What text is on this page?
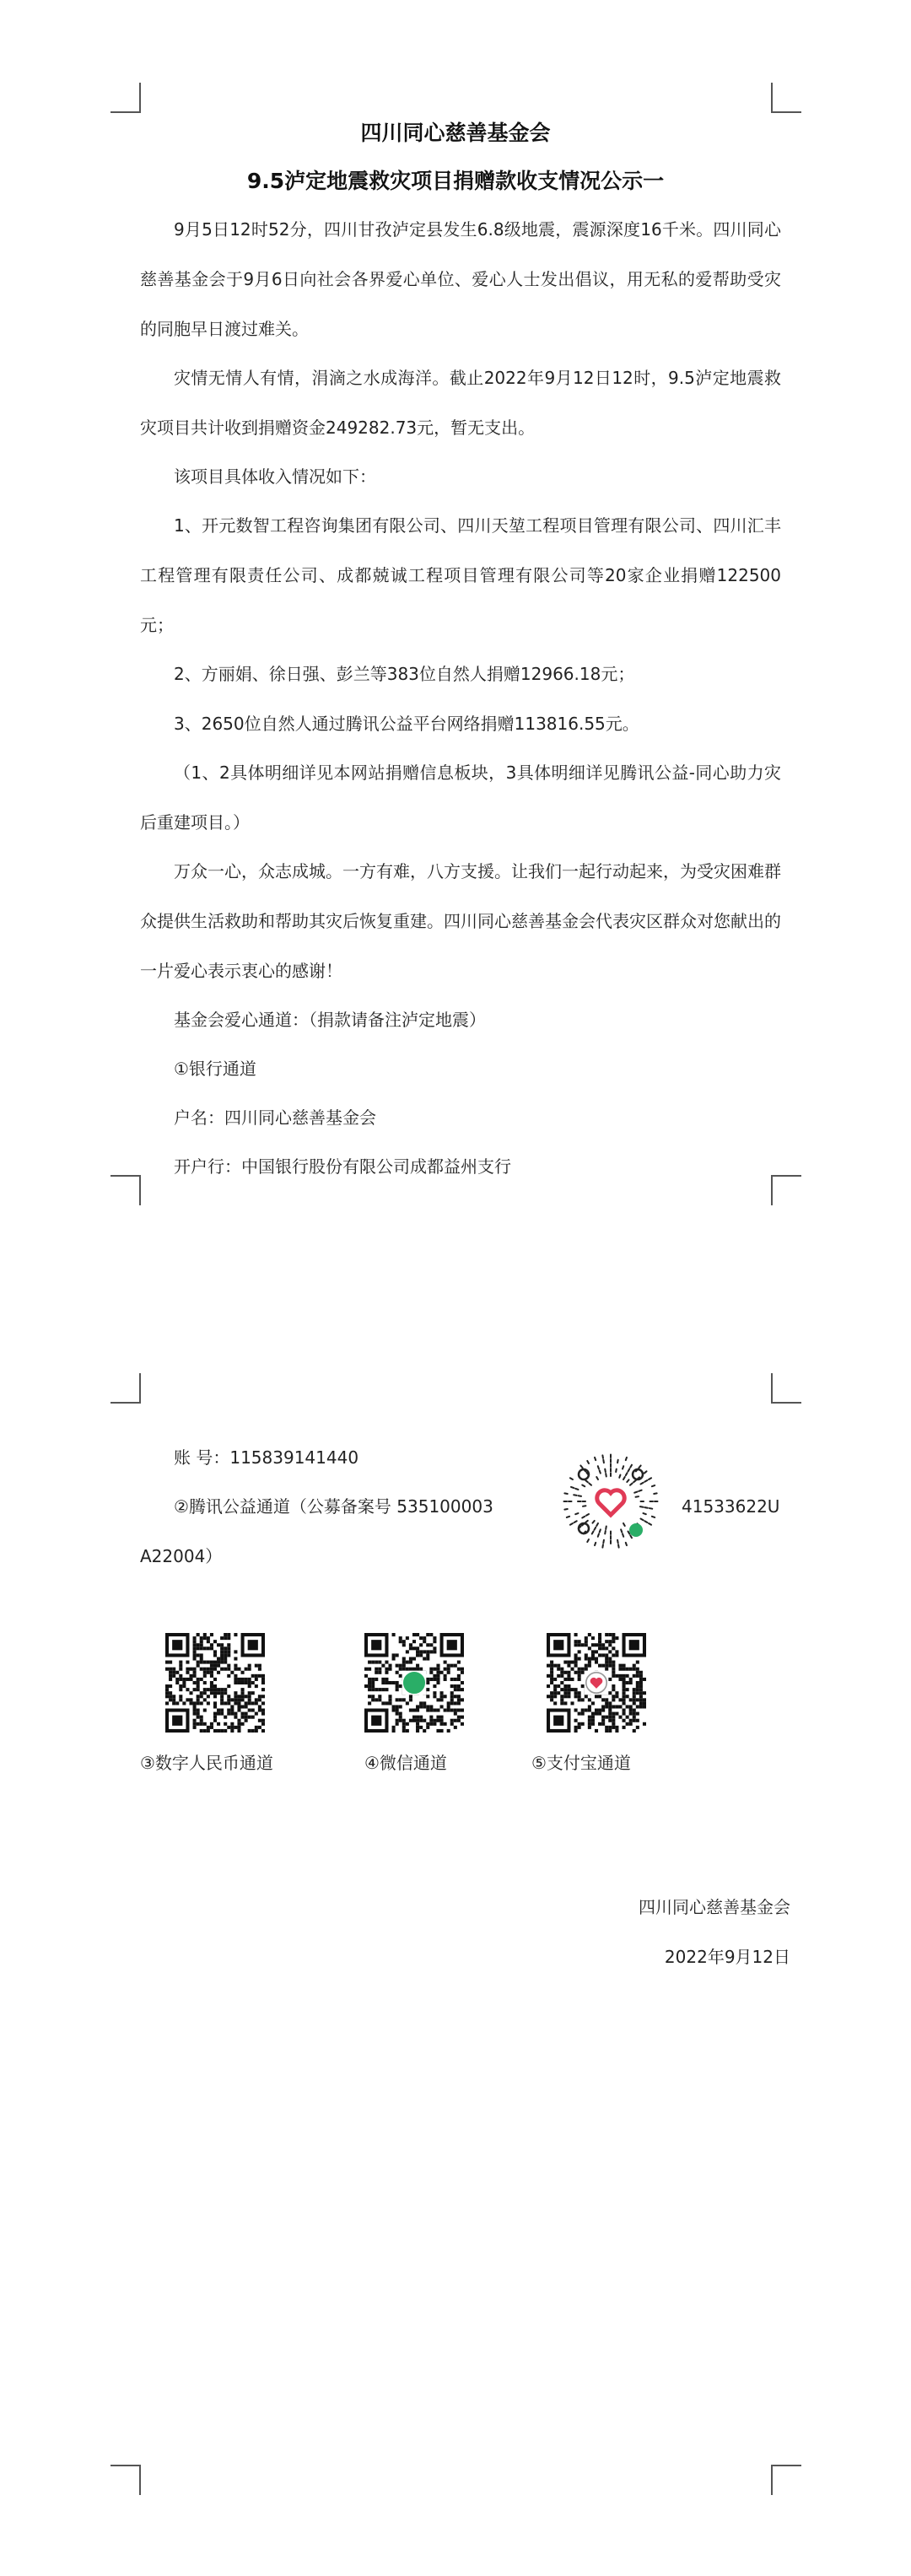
四川同心慈善基金会
9.5泸定地震救灾项目捐赠款收支情况公示一

9月5日12时52分，四川甘孜泸定县发生6.8级地震，震源深度16千米。四川同心慈善基金会于9月6日向社会各界爱心单位、爱心人士发出倡议，用无私的爱帮助受灾的同胞早日渡过难关。

灾情无情人有情，涓滴之水成海洋。截止2022年9月12日12时，9.5泸定地震救灾项目共计收到捐赠资金249282.73元，暂无支出。

该项目具体收入情况如下：

1、开元数智工程咨询集团有限公司、四川天堃工程项目管理有限公司、四川汇丰工程管理有限责任公司、成都兢诚工程项目管理有限公司等20家企业捐赠122500元；

2、方丽娟、徐日强、彭兰等383位自然人捐赠12966.18元；

3、2650位自然人通过腾讯公益平台网络捐赠113816.55元。

（1、2具体明细详见本网站捐赠信息板块，3具体明细详见腾讯公益-同心助力灾后重建项目。）

万众一心，众志成城。一方有难，八方支援。让我们一起行动起来，为受灾困难群众提供生活救助和帮助其灾后恢复重建。四川同心慈善基金会代表灾区群众对您献出的一片爱心表示衷心的感谢！

基金会爱心通道：（捐款请备注泸定地震）

①银行通道

户名：四川同心慈善基金会

开户行：中国银行股份有限公司成都益州支行

账 号：115839141440
②腾讯公益通道（公募备案号 535100003	41533622U
A22004）
③数字人民币通道	④微信通道	⑤支付宝通道
四川同心慈善基金会
2022年9月12日
